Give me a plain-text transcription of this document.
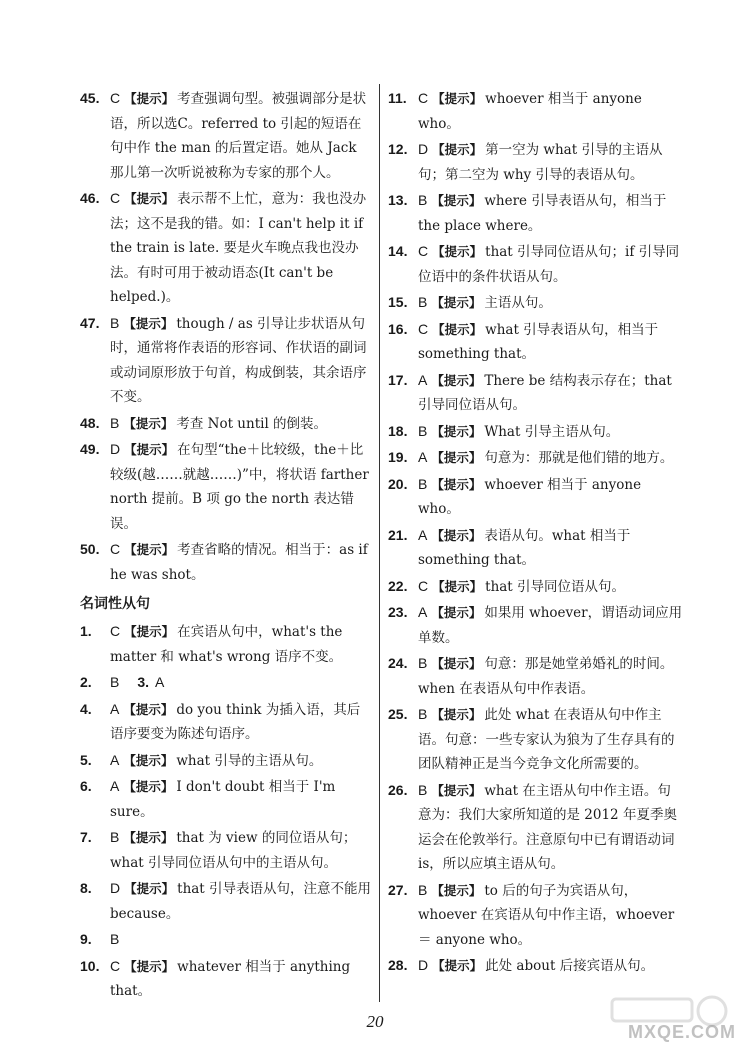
45. C 【提示】 考查强调句型。被强调部分是状语，所以选C。referred to 引起的短语在句中作 the man 的后置定语。她从 Jack 那儿第一次听说被称为专家的那个人。
46. C 【提示】 表示帮不上忙，意为：我也没办法；这不是我的错。如：I can't help it if the train is late. 要是火车晚点我也没办法。有时可用于被动语态(It can't be helped.)。
47. B 【提示】 though / as 引导让步状语从句时，通常将作表语的形容词、作状语的副词或动词原形放于句首，构成倒装，其余语序不变。
48. B 【提示】 考查 Not until 的倒装。
49. D 【提示】 在句型“the＋比较级，the＋比较级(越……就越……)”中，将状语 farther north 提前。B 项 go the north 表达错误。
50. C 【提示】 考查省略的情况。相当于：as if he was shot。
名词性从句
1. C 【提示】 在宾语从句中，what's the matter 和 what's wrong 语序不变。
2. B 3. A
4. A 【提示】 do you think 为插入语，其后语序要变为陈述句语序。
5. A 【提示】 what 引导的主语从句。
6. A 【提示】 I don't doubt 相当于 I'm sure。
7. B 【提示】 that 为 view 的同位语从句；what 引导同位语从句中的主语从句。
8. D 【提示】 that 引导表语从句，注意不能用 because。
9. B
10. C 【提示】 whatever 相当于 anything that。
11. C 【提示】 whoever 相当于 anyone who。
12. D 【提示】 第一空为 what 引导的主语从句；第二空为 why 引导的表语从句。
13. B 【提示】 where 引导表语从句，相当于 the place where。
14. C 【提示】 that 引导同位语从句；if 引导同位语中的条件状语从句。
15. B 【提示】 主语从句。
16. C 【提示】 what 引导表语从句，相当于 something that。
17. A 【提示】 There be 结构表示存在；that 引导同位语从句。
18. B 【提示】 What 引导主语从句。
19. A 【提示】 句意为：那就是他们错的地方。
20. B 【提示】 whoever 相当于 anyone who。
21. A 【提示】 表语从句。what 相当于 something that。
22. C 【提示】 that 引导同位语从句。
23. A 【提示】 如果用 whoever，谓语动词应用单数。
24. B 【提示】 句意：那是她堂弟婚礼的时间。when 在表语从句中作表语。
25. B 【提示】 此处 what 在表语从句中作主语。句意：一些专家认为狼为了生存具有的团队精神正是当今竞争文化所需要的。
26. B 【提示】 what 在主语从句中作主语。句意为：我们大家所知道的是 2012 年夏季奥运会在伦敦举行。注意原句中已有谓语动词 is，所以应填主语从句。
27. B 【提示】 to 后的句子为宾语从句，whoever 在宾语从句中作主语，whoever＝ anyone who。
28. D 【提示】 此处 about 后接宾语从句。
20
MXQE.COM
